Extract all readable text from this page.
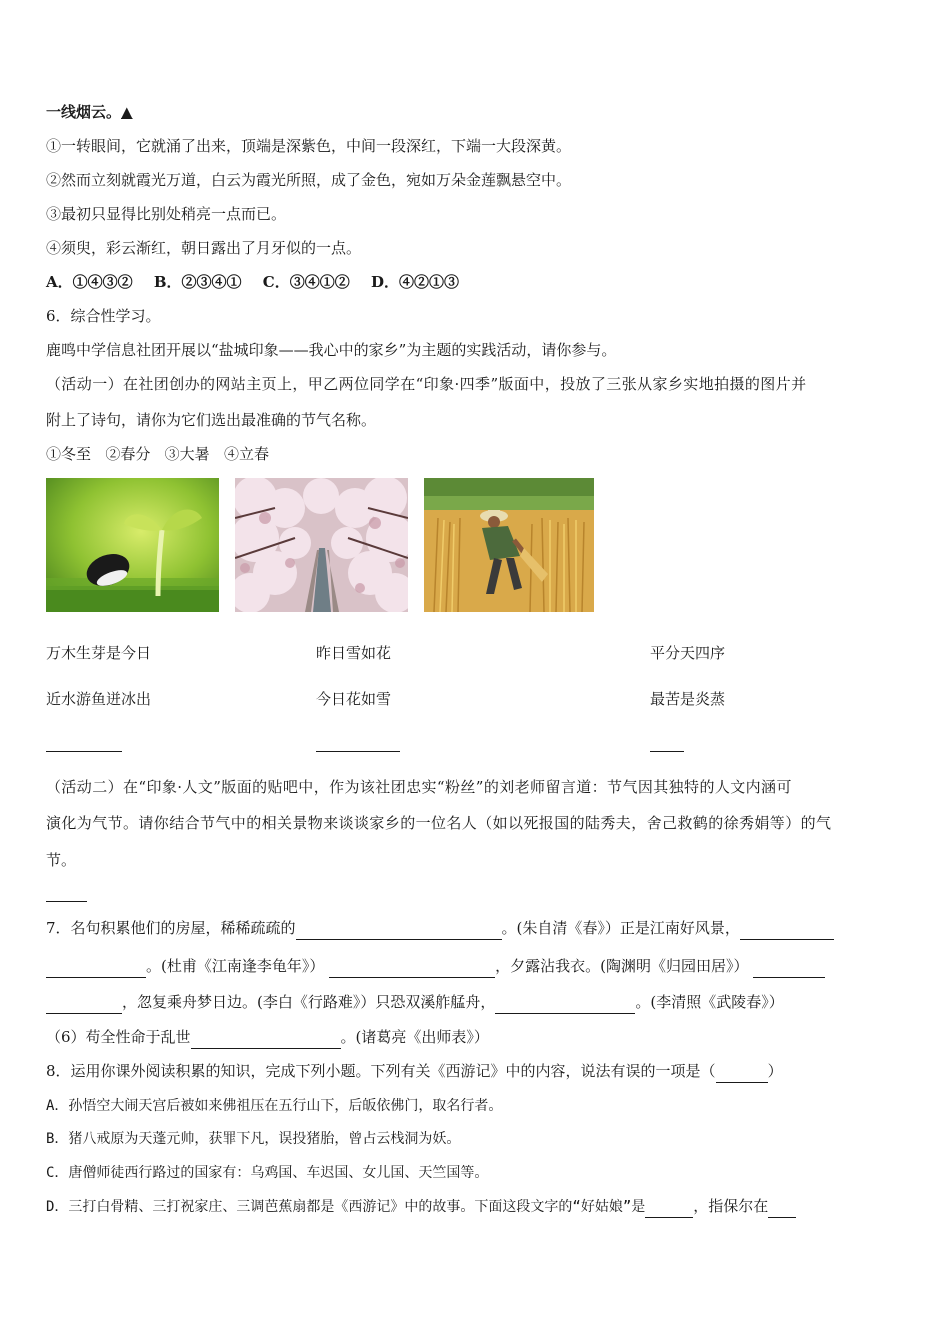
一线烟云。▲
①一转眼间，它就涌了出来，顶端是深紫色，中间一段深红，下端一大段深黄。
②然而立刻就霞光万道，白云为霞光所照，成了金色，宛如万朵金莲飘悬空中。
③最初只显得比别处稍亮一点而已。
④须臾，彩云渐红，朝日露出了月牙似的一点。
A．①④③② B．②③④① C．③④①② D．④②①③
6．综合性学习。
鹿鸣中学信息社团开展以“盐城印象——我心中的家乡”为主题的实践活动，请你参与。
（活动一）在社团创办的网站主页上，甲乙两位同学在“印象·四季”版面中，投放了三张从家乡实地拍摄的图片并
附上了诗句，请你为它们选出最准确的节气名称。
①冬至 ②春分 ③大暑 ④立春
万木生芽是今日	昨日雪如花	平分天四序
近水游鱼迸冰出	今日花如雪	最苦是炎蒸
（活动二）在“印象·人文”版面的贴吧中，作为该社团忠实“粉丝”的刘老师留言道：节气因其独特的人文内涵可
演化为气节。请你结合节气中的相关景物来谈谈家乡的一位名人（如以死报国的陆秀夫，舍己救鹤的徐秀娟等）的气
节。
7．名句积累他们的房屋，稀稀疏疏的	。(朱自清《春》）正是江南好风景，
。(杜甫《江南逢李龟年》）	，夕露沾我衣。(陶渊明《归园田居》）
，忽复乘舟梦日边。(李白《行路难》）只恐双溪舴艋舟，	。(李清照《武陵春》）
（6）苟全性命于乱世	。(诸葛亮《出师表》）
8．运用你课外阅读积累的知识，完成下列小题。下列有关《西游记》中的内容，说法有误的一项是（	）
A．孙悟空大闹天宫后被如来佛祖压在五行山下，后皈依佛门，取名行者。
B．猪八戒原为天蓬元帅，获罪下凡，误投猪胎，曾占云栈洞为妖。
C．唐僧师徒西行路过的国家有：乌鸡国、车迟国、女儿国、天竺国等。
D．三打白骨精、三打祝家庄、三调芭蕉扇都是《西游记》中的故事。下面这段文字的“好姑娘”是	，指保尔在
